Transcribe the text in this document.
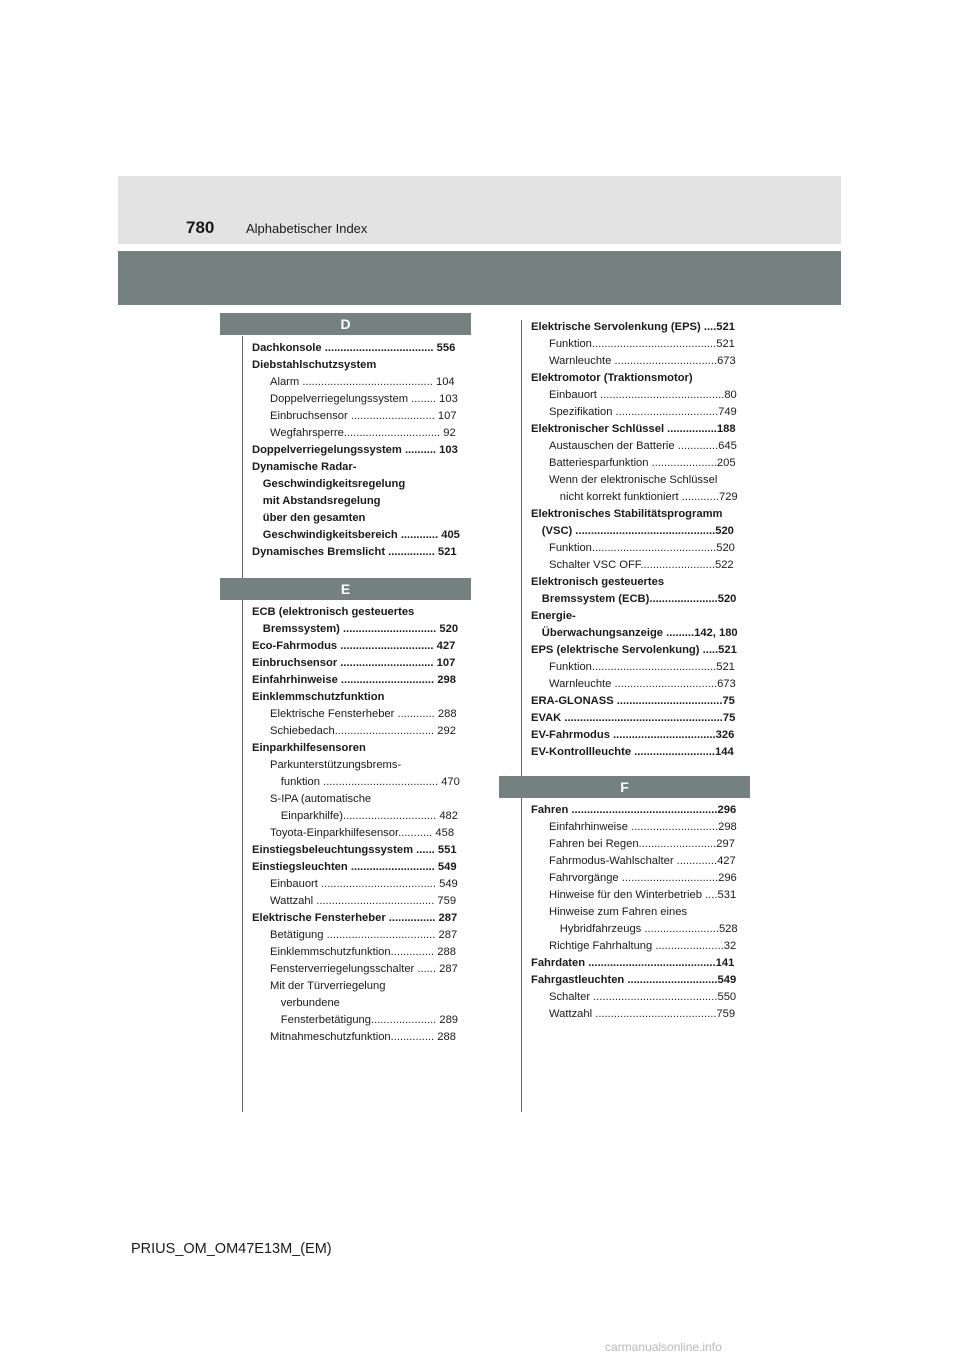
780 Alphabetischer Index
D
Dachkonsole ................................... 556
Diebstahlschutzsystem
Alarm .......................................... 104
Doppelverriegelungssystem ........ 103
Einbruchsensor ........................... 107
Wegfahrsperre............................... 92
Doppelverriegelungssystem .......... 103
Dynamische Radar-
Geschwindigkeitsregelung
mit Abstandsregelung
über den gesamten
Geschwindigkeitsbereich ............ 405
Dynamisches Bremslicht ............... 521
E
ECB (elektronisch gesteuertes
Bremssystem) .............................. 520
Eco-Fahrmodus .............................. 427
Einbruchsensor .............................. 107
Einfahrhinweise .............................. 298
Einklemmschutzfunktion
Elektrische Fensterheber ............ 288
Schiebedach................................ 292
Einparkhilfesensoren
Parkunterstützungsbrems-
funktion ..................................... 470
S-IPA (automatische
Einparkhilfe).............................. 482
Toyota-Einparkhilfesensor........... 458
Einstiegsbeleuchtungssystem ...... 551
Einstiegsleuchten ........................... 549
Einbauort ..................................... 549
Wattzahl ...................................... 759
Elektrische Fensterheber ............... 287
Betätigung ................................... 287
Einklemmschutzfunktion.............. 288
Fensterverriegelungsschalter ...... 287
Mit der Türverriegelung
verbundene
Fensterbetätigung..................... 289
Mitnahmeschutzfunktion.............. 288
Elektrische Servolenkung (EPS) ....521
Funktion........................................521
Warnleuchte .................................673
Elektromotor (Traktionsmotor)
Einbauort ........................................80
Spezifikation .................................749
Elektronischer Schlüssel ................188
Austauschen der Batterie .............645
Batteriesparfunktion .....................205
Wenn der elektronische Schlüssel
nicht korrekt funktioniert ............729
Elektronisches Stabilitätsprogramm
(VSC) .............................................520
Funktion........................................520
Schalter VSC OFF........................522
Elektronisch gesteuertes
Bremssystem (ECB)......................520
Energie-
Überwachungsanzeige .........142, 180
EPS (elektrische Servolenkung) .....521
Funktion........................................521
Warnleuchte .................................673
ERA-GLONASS ..................................75
EVAK ...................................................75
EV-Fahrmodus .................................326
EV-Kontrollleuchte ..........................144
F
Fahren ...............................................296
Einfahrhinweise ............................298
Fahren bei Regen.........................297
Fahrmodus-Wahlschalter .............427
Fahrvorgänge ...............................296
Hinweise für den Winterbetrieb ....531
Hinweise zum Fahren eines
Hybridfahrzeugs ........................528
Richtige Fahrhaltung ......................32
Fahrdaten .........................................141
Fahrgastleuchten .............................549
Schalter ........................................550
Wattzahl .......................................759
PRIUS_OM_OM47E13M_(EM)
carmanualsonline.info
